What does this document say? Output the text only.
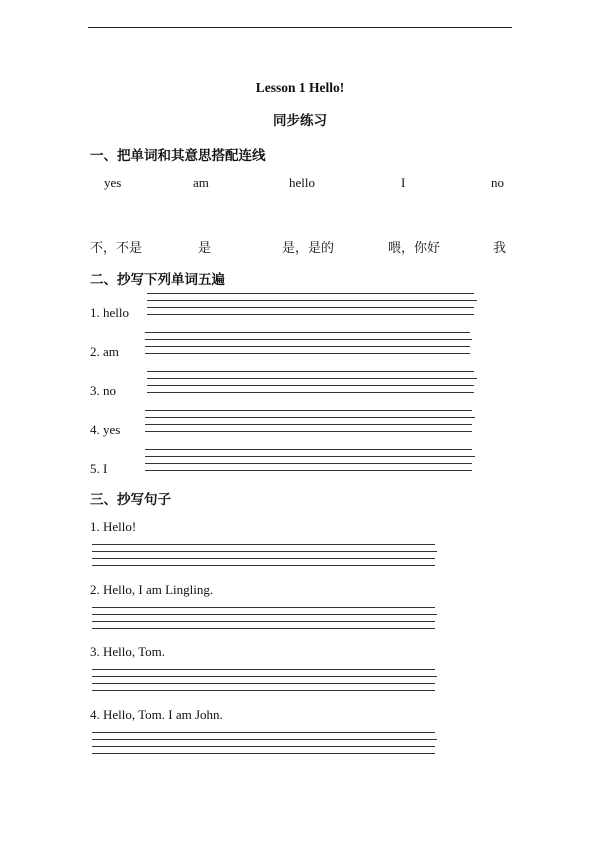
Lesson 1 Hello!
同步练习
一、把单词和其意思搭配连线
yes	am	hello	I	no
不，不是	是	是，是的	喂，你好	我
二、抄写下列单词五遍
1. hello
2. am
3. no
4. yes
5. I
三、抄写句子
1. Hello!
2. Hello, I am Lingling.
3. Hello, Tom.
4. Hello, Tom. I am John.
